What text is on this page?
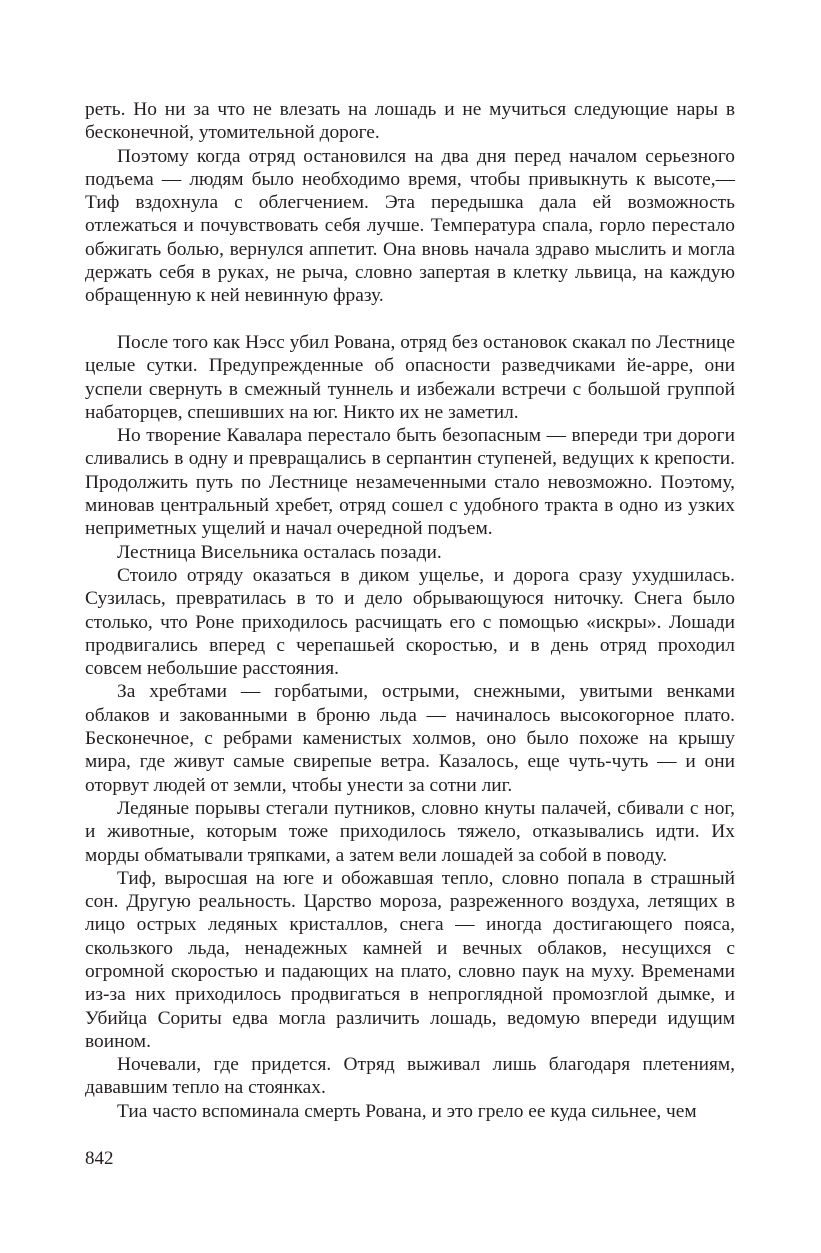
реть. Но ни за что не влезать на лошадь и не мучиться следующие нары в бесконечной, утомительной дороге.

Поэтому когда отряд остановился на два дня перед началом серьезного подъема — людям было необходимо время, чтобы привыкнуть к высоте,— Тиф вздохнула с облегчением. Эта передышка дала ей возможность отлежаться и почувствовать себя лучше. Температура спала, горло перестало обжигать болью, вернулся аппетит. Она вновь начала здраво мыслить и могла держать себя в руках, не рыча, словно запертая в клетку львица, на каждую обращенную к ней невинную фразу.

После того как Нэсс убил Рована, отряд без остановок скакал по Лестнице целые сутки. Предупрежденные об опасности разведчиками йе-арре, они успели свернуть в смежный туннель и избежали встречи с большой группой набаторцев, спешивших на юг. Никто их не заметил.

Но творение Кавалара перестало быть безопасным — впереди три дороги сливались в одну и превращались в серпантин ступеней, ведущих к крепости. Продолжить путь по Лестнице незамеченными стало невозможно. Поэтому, миновав центральный хребет, отряд сошел с удобного тракта в одно из узких неприметных ущелий и начал очередной подъем.

Лестница Висельника осталась позади.

Стоило отряду оказаться в диком ущелье, и дорога сразу ухудшилась. Сузилась, превратилась в то и дело обрывающуюся ниточку. Снега было столько, что Роне приходилось расчищать его с помощью «искры». Лошади продвигались вперед с черепашьей скоростью, и в день отряд проходил совсем небольшие расстояния.

За хребтами — горбатыми, острыми, снежными, увитыми венками облаков и закованными в броню льда — начиналось высокогорное плато. Бесконечное, с ребрами каменистых холмов, оно было похоже на крышу мира, где живут самые свирепые ветра. Казалось, еще чуть-чуть — и они оторвут людей от земли, чтобы унести за сотни лиг.

Ледяные порывы стегали путников, словно кнуты палачей, сбивали с ног, и животные, которым тоже приходилось тяжело, отказывались идти. Их морды обматывали тряпками, а затем вели лошадей за собой в поводу.

Тиф, выросшая на юге и обожавшая тепло, словно попала в страшный сон. Другую реальность. Царство мороза, разреженного воздуха, летящих в лицо острых ледяных кристаллов, снега — иногда достигающего пояса, скользкого льда, ненадежных камней и вечных облаков, несущихся с огромной скоростью и падающих на плато, словно паук на муху. Временами из-за них приходилось продвигаться в непроглядной промозглой дымке, и Убийца Сориты едва могла различить лошадь, ведомую впереди идущим воином.

Ночевали, где придется. Отряд выживал лишь благодаря плетениям, дававшим тепло на стоянках.

Тиа часто вспоминала смерть Рована, и это грело ее куда сильнее, чем

842
